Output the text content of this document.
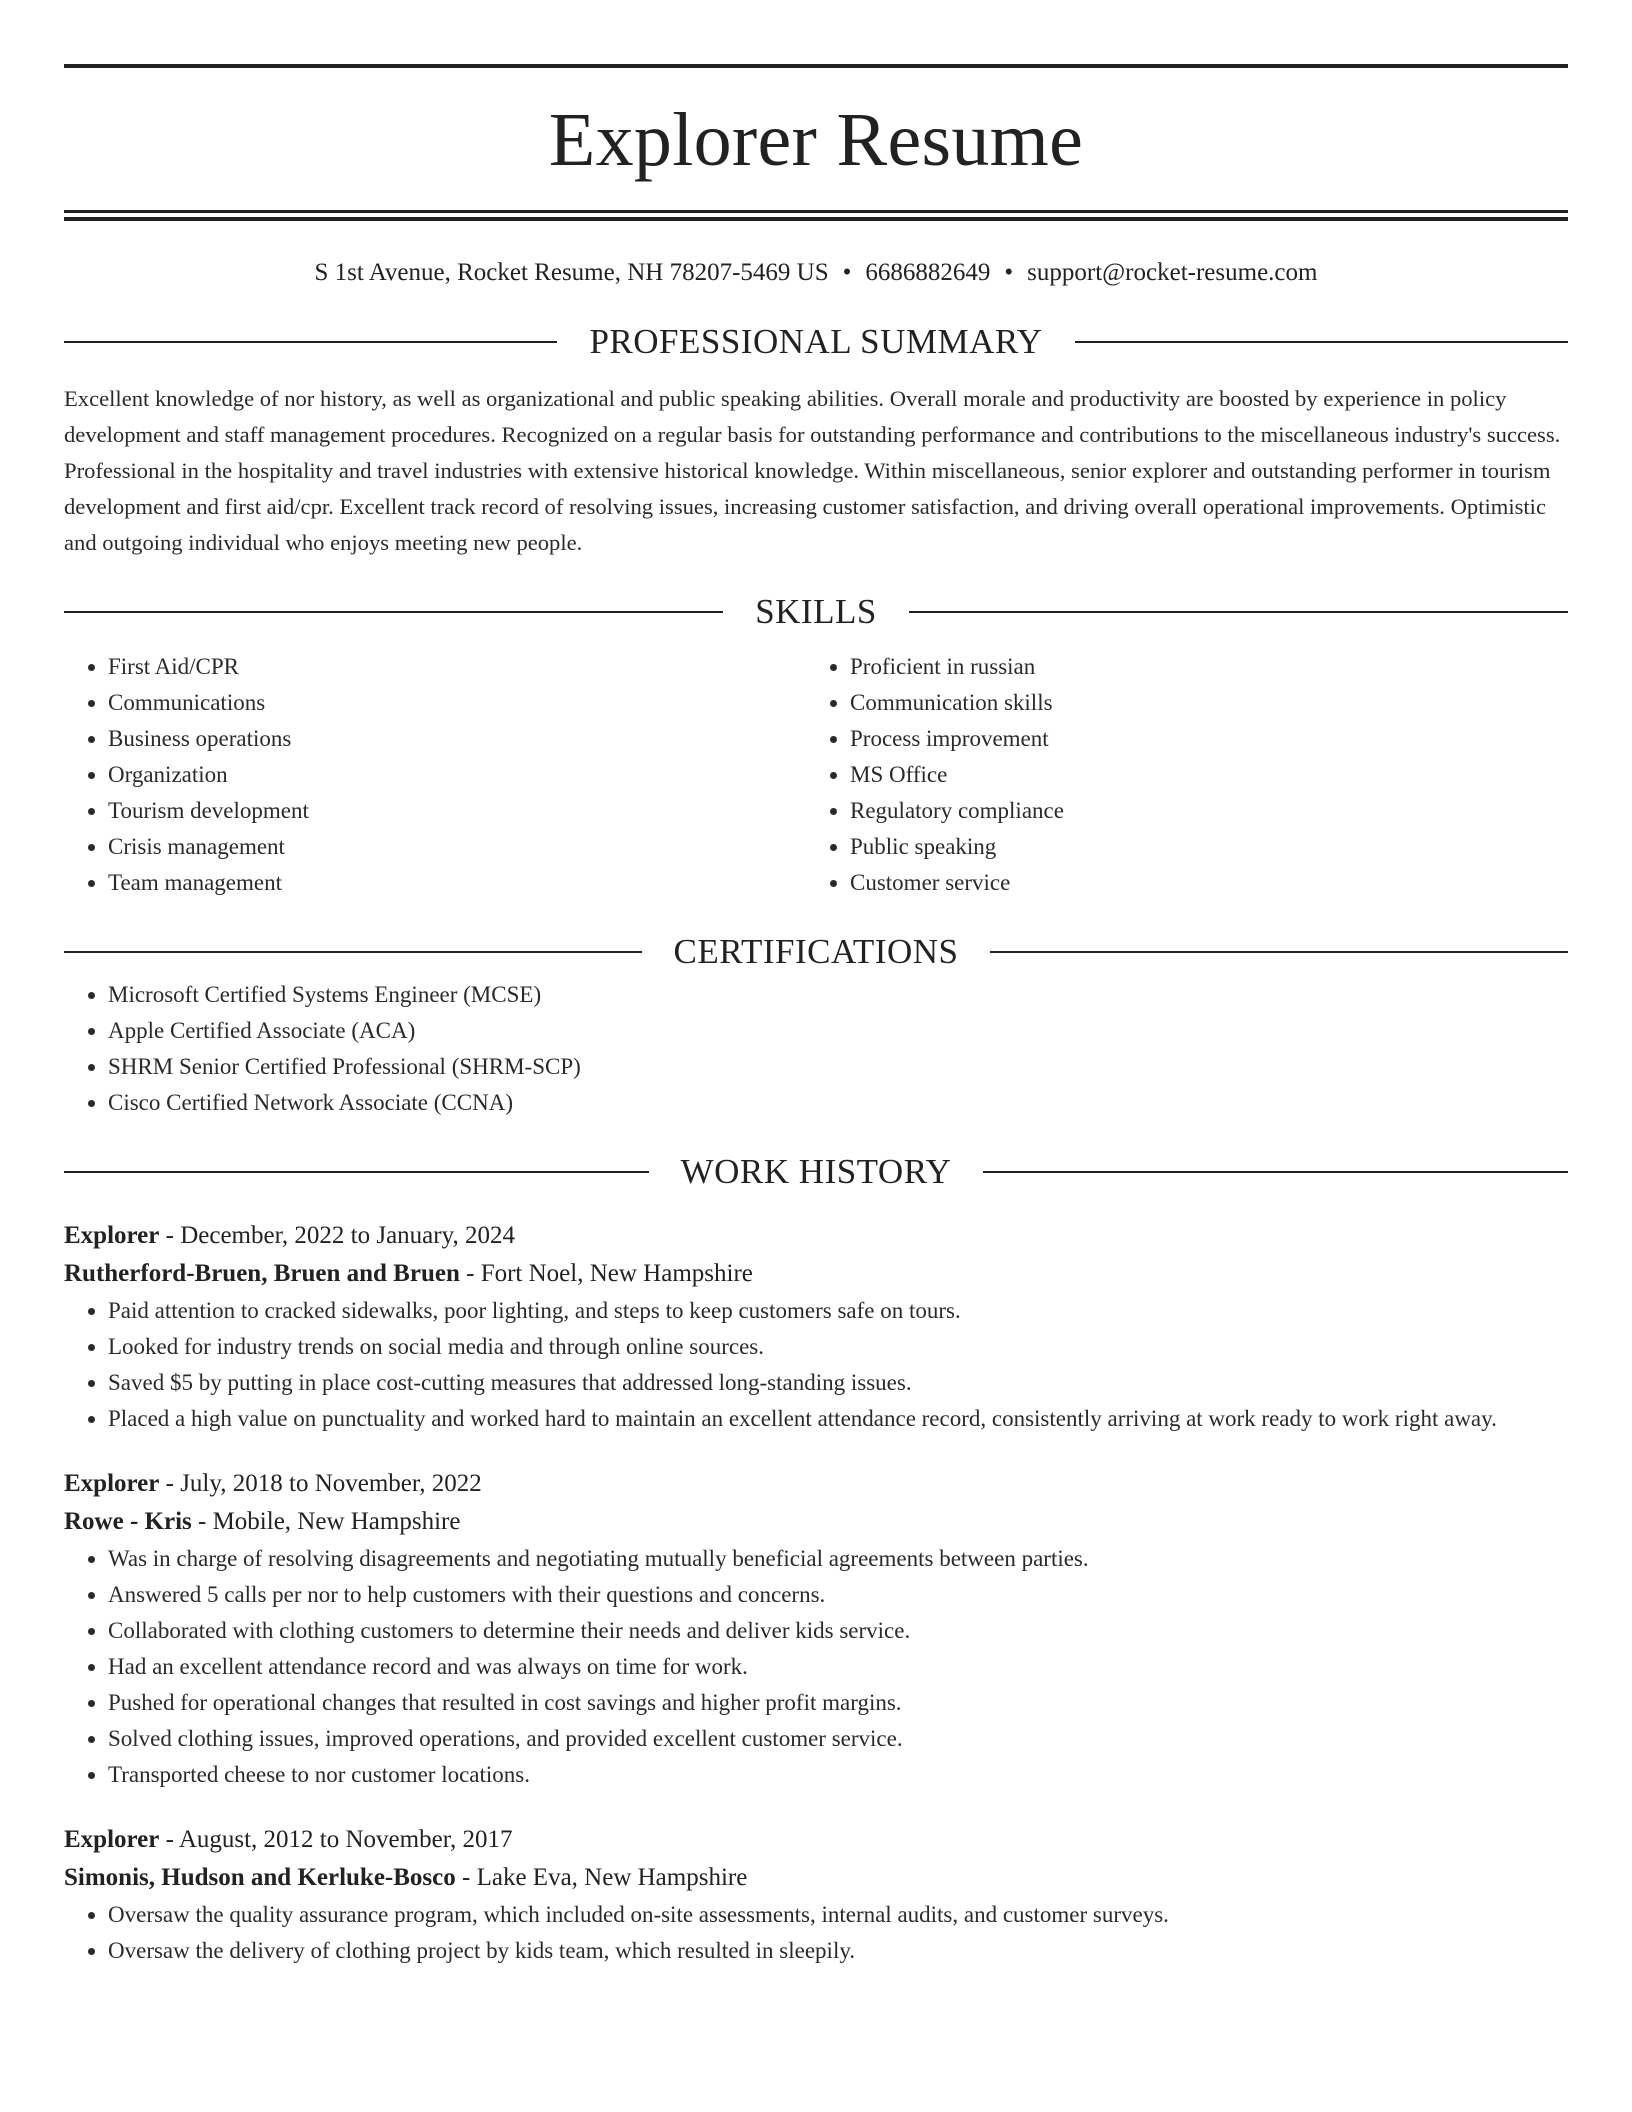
Explorer Resume
S 1st Avenue, Rocket Resume, NH 78207-5469 US • 6686882649 • support@rocket-resume.com
PROFESSIONAL SUMMARY
Excellent knowledge of nor history, as well as organizational and public speaking abilities. Overall morale and productivity are boosted by experience in policy development and staff management procedures. Recognized on a regular basis for outstanding performance and contributions to the miscellaneous industry's success. Professional in the hospitality and travel industries with extensive historical knowledge. Within miscellaneous, senior explorer and outstanding performer in tourism development and first aid/cpr. Excellent track record of resolving issues, increasing customer satisfaction, and driving overall operational improvements. Optimistic and outgoing individual who enjoys meeting new people.
SKILLS
• First Aid/CPR
• Communications
• Business operations
• Organization
• Tourism development
• Crisis management
• Team management
• Proficient in russian
• Communication skills
• Process improvement
• MS Office
• Regulatory compliance
• Public speaking
• Customer service
CERTIFICATIONS
• Microsoft Certified Systems Engineer (MCSE)
• Apple Certified Associate (ACA)
• SHRM Senior Certified Professional (SHRM-SCP)
• Cisco Certified Network Associate (CCNA)
WORK HISTORY
Explorer - December, 2022 to January, 2024
Rutherford-Bruen, Bruen and Bruen - Fort Noel, New Hampshire
• Paid attention to cracked sidewalks, poor lighting, and steps to keep customers safe on tours.
• Looked for industry trends on social media and through online sources.
• Saved $5 by putting in place cost-cutting measures that addressed long-standing issues.
• Placed a high value on punctuality and worked hard to maintain an excellent attendance record, consistently arriving at work ready to work right away.
Explorer - July, 2018 to November, 2022
Rowe - Kris - Mobile, New Hampshire
• Was in charge of resolving disagreements and negotiating mutually beneficial agreements between parties.
• Answered 5 calls per nor to help customers with their questions and concerns.
• Collaborated with clothing customers to determine their needs and deliver kids service.
• Had an excellent attendance record and was always on time for work.
• Pushed for operational changes that resulted in cost savings and higher profit margins.
• Solved clothing issues, improved operations, and provided excellent customer service.
• Transported cheese to nor customer locations.
Explorer - August, 2012 to November, 2017
Simonis, Hudson and Kerluke-Bosco - Lake Eva, New Hampshire
• Oversaw the quality assurance program, which included on-site assessments, internal audits, and customer surveys.
• Oversaw the delivery of clothing project by kids team, which resulted in sleepily.
